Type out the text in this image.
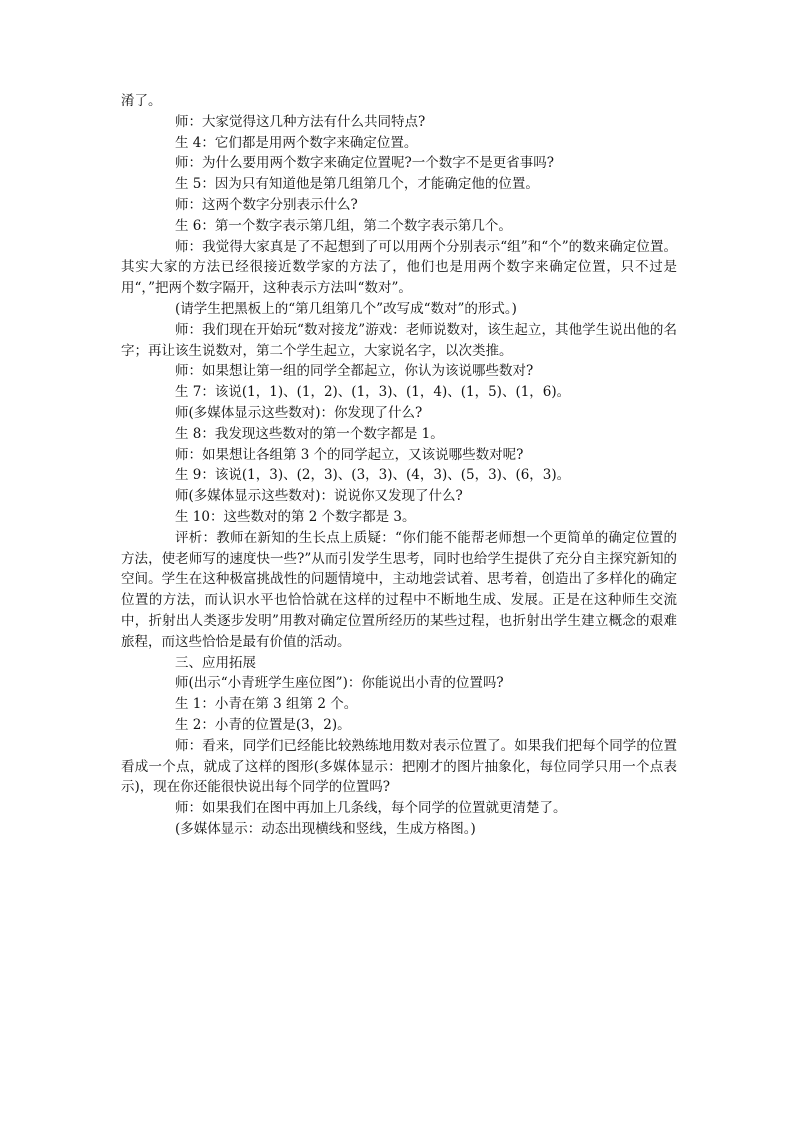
淆了。

师：大家觉得这几种方法有什么共同特点?

生 4：它们都是用两个数字来确定位置。

师：为什么要用两个数字来确定位置呢?一个数字不是更省事吗?

生 5：因为只有知道他是第几组第几个，才能确定他的位置。

师：这两个数字分别表示什么?

生 6：第一个数字表示第几组，第二个数字表示第几个。

师：我觉得大家真是了不起想到了可以用两个分别表示“组”和“个”的数来确定位置。其实大家的方法已经很接近数学家的方法了，他们也是用两个数字来确定位置，只不过是用“，”把两个数字隔开，这种表示方法叫“数对”。

(请学生把黑板上的“第几组第几个”改写成“数对”的形式。)

师：我们现在开始玩“数对接龙”游戏：老师说数对，该生起立，其他学生说出他的名字；再让该生说数对，第二个学生起立，大家说名字，以次类推。

师：如果想让第一组的同学全都起立，你认为该说哪些数对?

生 7：该说(1，1)、(1，2)、(1，3)、(1，4)、(1，5)、(1，6)。

师(多媒体显示这些数对)：你发现了什么?

生 8：我发现这些数对的第一个数字都是 1。

师：如果想让各组第 3 个的同学起立，又该说哪些数对呢?

生 9：该说(1，3)、(2，3)、(3，3)、(4，3)、(5，3)、(6，3)。

师(多媒体显示这些数对)：说说你又发现了什么?

生 10：这些数对的第 2 个数字都是 3。

评析：教师在新知的生长点上质疑：“你们能不能帮老师想一个更简单的确定位置的方法，使老师写的速度快一些?”从而引发学生思考，同时也给学生提供了充分自主探究新知的空间。学生在这种极富挑战性的问题情境中，主动地尝试着、思考着，创造出了多样化的确定位置的方法，而认识水平也恰恰就在这样的过程中不断地生成、发展。正是在这种师生交流中，折射出人类逐步发明”用教对确定位置所经历的某些过程，也折射出学生建立概念的艰难旅程，而这些恰恰是最有价值的活动。

三、应用拓展

师(出示“小青班学生座位图”)：你能说出小青的位置吗?

生 1：小青在第 3 组第 2 个。

生 2：小青的位置是(3，2)。

师：看来，同学们已经能比较熟练地用数对表示位置了。如果我们把每个同学的位置看成一个点，就成了这样的图形(多媒体显示：把刚才的图片抽象化，每位同学只用一个点表示)，现在你还能很快说出每个同学的位置吗?

师：如果我们在图中再加上几条线，每个同学的位置就更清楚了。

(多媒体显示：动态出现横线和竖线，生成方格图。)
